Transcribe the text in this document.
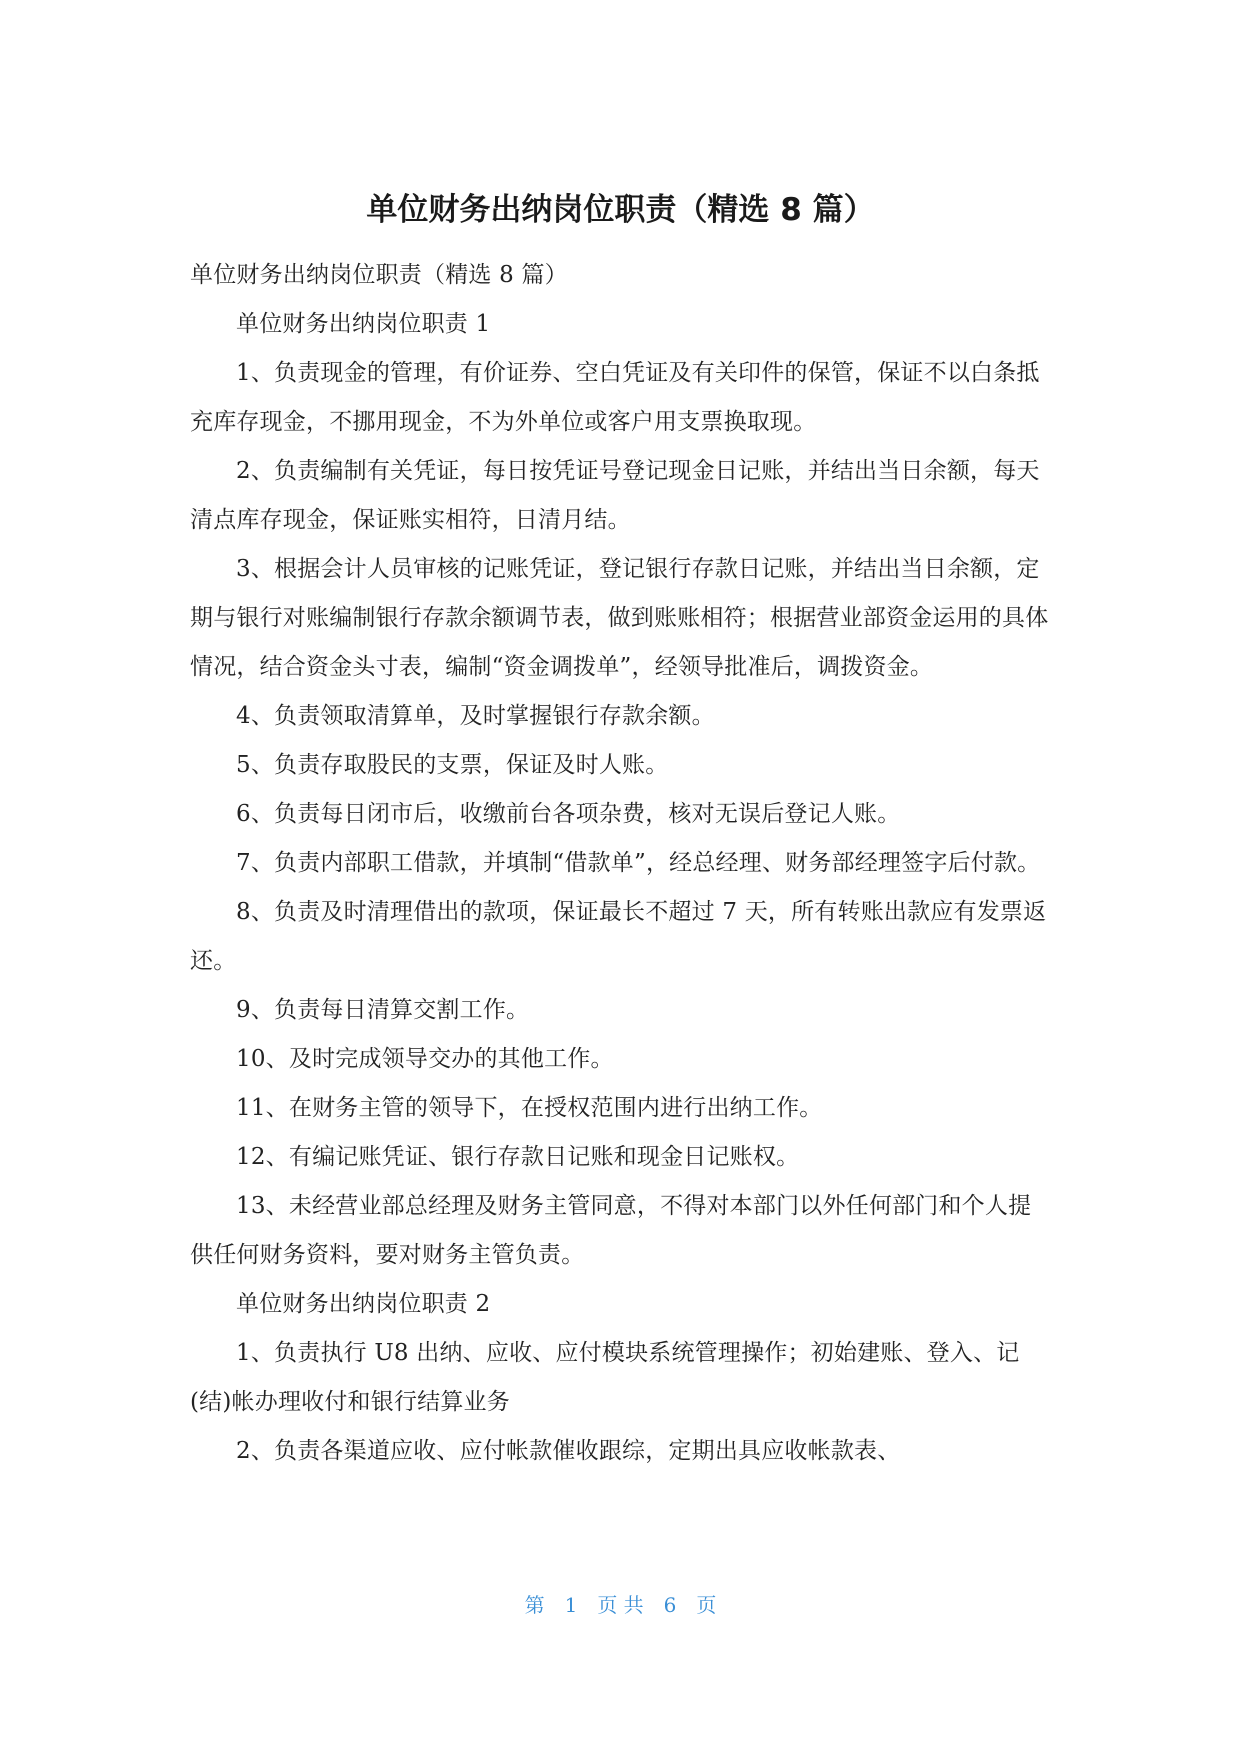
单位财务出纳岗位职责（精选 8 篇）

单位财务出纳岗位职责（精选 8 篇）

单位财务出纳岗位职责 1

1、负责现金的管理，有价证券、空白凭证及有关印件的保管，保证不以白条抵充库存现金，不挪用现金，不为外单位或客户用支票换取现。

2、负责编制有关凭证，每日按凭证号登记现金日记账，并结出当日余额，每天清点库存现金，保证账实相符，日清月结。

3、根据会计人员审核的记账凭证，登记银行存款日记账，并结出当日余额，定期与银行对账编制银行存款余额调节表，做到账账相符；根据营业部资金运用的具体情况，结合资金头寸表，编制“资金调拨单”，经领导批准后，调拨资金。

4、负责领取清算单，及时掌握银行存款余额。

5、负责存取股民的支票，保证及时人账。

6、负责每日闭市后，收缴前台各项杂费，核对无误后登记人账。

7、负责内部职工借款，并填制“借款单”，经总经理、财务部经理签字后付款。

8、负责及时清理借出的款项，保证最长不超过 7 天，所有转账出款应有发票返还。

9、负责每日清算交割工作。

10、及时完成领导交办的其他工作。

11、在财务主管的领导下，在授权范围内进行出纳工作。

12、有编记账凭证、银行存款日记账和现金日记账权。

13、未经营业部总经理及财务主管同意，不得对本部门以外任何部门和个人提供任何财务资料，要对财务主管负责。

单位财务出纳岗位职责 2

1、负责执行 U8 出纳、应收、应付模块系统管理操作；初始建账、登入、记(结)帐办理收付和银行结算业务

2、负责各渠道应收、应付帐款催收跟综，定期出具应收帐款表、

第 1 页 共 6 页
